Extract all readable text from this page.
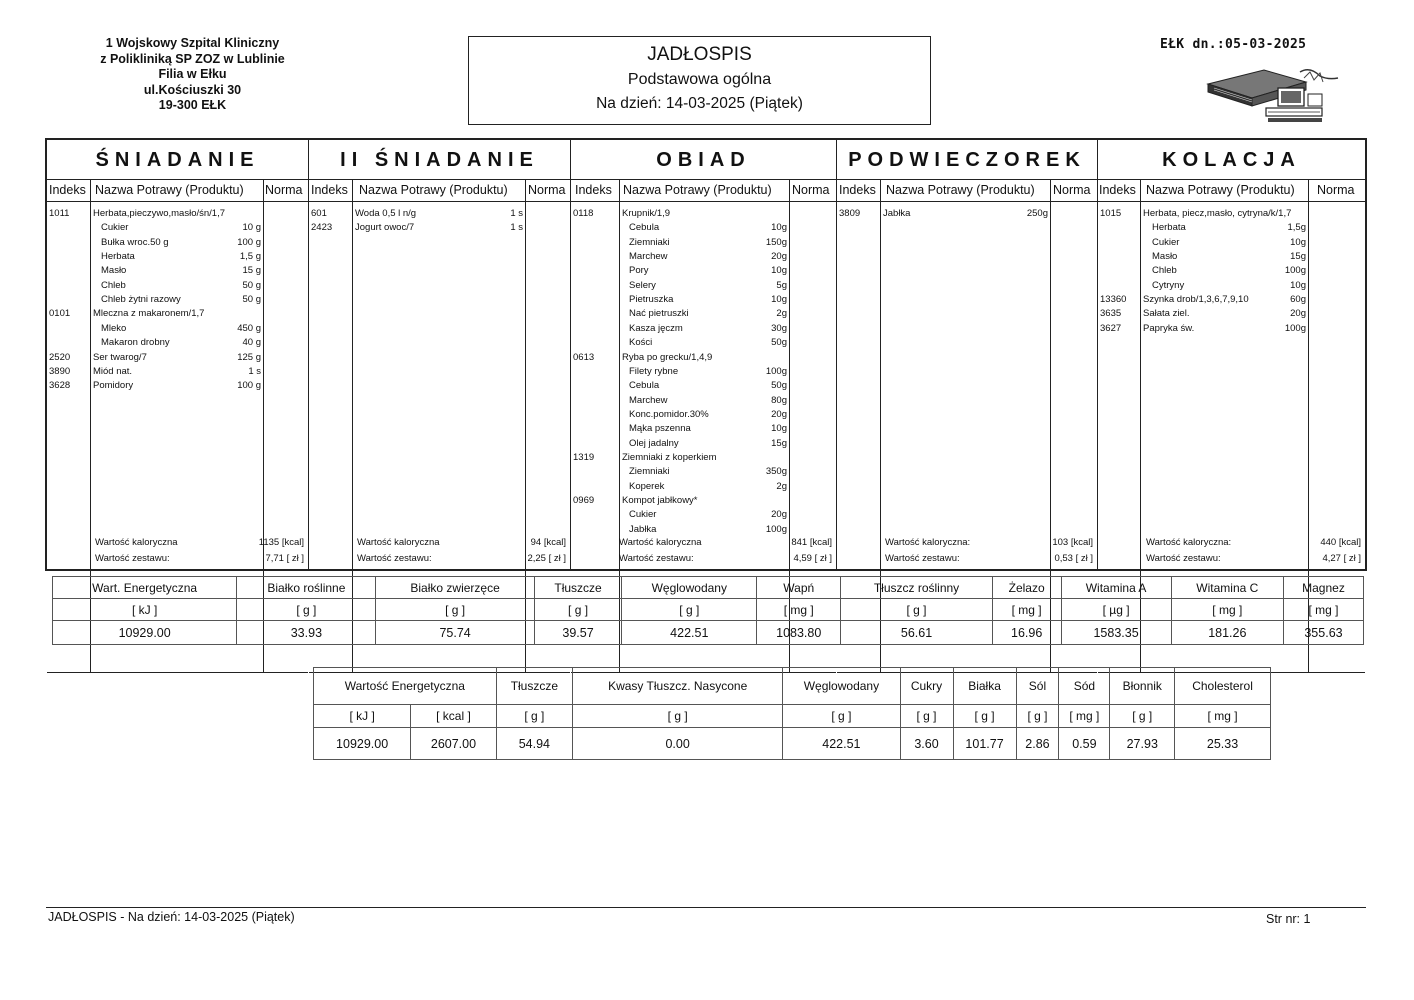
1 Wojskowy Szpital Kliniczny
z Polikliniką SP ZOZ w Lublinie
Filia w Ełku
ul.Kościuszki 30
19-300 EŁK
JADŁOSPIS
Podstawowa ogólna
Na dzień: 14-03-2025 (Piątek)
EŁK dn.:05-03-2025
ŚNIADANIE
Indeks Nazwa Potrawy (Produktu) Norma
1011 Herbata,pieczywo,masło/śn/1,7
Cukier	10 g
Bułka wroc.50 g	100 g
Herbata	1,5 g
Masło	15 g
Chleb	50 g
Chleb żytni razowy	50 g
0101 Mleczna z makaronem/1,7
Mleko	450 g
Makaron drobny	40 g
2520 Ser twarog/7	125 g
3890 Miód nat.	1 s
3628 Pomidory	100 g
Wartość kaloryczna	1135 [kcal]
Wartość zestawu:	7,71 [ zł ]
II ŚNIADANIE
Indeks Nazwa Potrawy (Produktu) Norma
601	Woda 0,5 l n/g	1 s
2423 Jogurt owoc/7	1 s
Wartość kaloryczna	94 [kcal]
Wartość zestawu:	2,25 [ zł ]
OBIAD
Indeks Nazwa Potrawy (Produktu) Norma
0118	Krupnik/1,9
Cebula	10g
Ziemniaki	150g
Marchew	20g
Pory	10g
Selery	5g
Pietruszka	10g
Nać pietruszki	2g
Kasza jęczm	30g
Kości	50g
0613	Ryba po grecku/1,4,9
Filety rybne	100g
Cebula	50g
Marchew	80g
Konc.pomidor.30%	20g
Mąka pszenna	10g
Olej jadalny	15g
1319	Ziemniaki z koperkiem
Ziemniaki	350g
Koperek	2g
0969	Kompot jabłkowy*
Cukier	20g
Jabłka	100g
Wartość kaloryczna	841 [kcal]
Wartość zestawu:	4,59 [ zł ]
PODWIECZOREK
Indeks Nazwa Potrawy (Produktu) Norma
3809 Jabłka	250g
Wartość kaloryczna:	103 [kcal]
Wartość zestawu:	0,53 [ zł ]
KOLACJA
Indeks Nazwa Potrawy (Produktu) Norma
1015 Herbata, piecz,masło, cytryna/k/1,7
Herbata	1,5g
Cukier	10g
Masło	15g
Chleb	100g
Cytryny	10g
13360 Szynka drob/1,3,6,7,9,10	60g
3635 Sałata ziel.	20g
3627 Papryka św.	100g
Wartość kaloryczna:	440 [kcal]
Wartość zestawu:	4,27 [ zł ]
Wart. Energetyczna	Białko roślinne	Białko zwierzęce	Tłuszcze	Węglowodany	Wapń	Tłuszcz roślinny	Żelazo	Witamina A	Witamina C	Magnez
[ kJ ]	[ g ]	[ g ]	[ g ]	[ g ]	[ mg ]	[ g ]	[ mg ]	[ µg ]	[ mg ]	[ mg ]
10929.00	33.93	75.74	39.57	422.51	1083.80	56.61	16.96	1583.35	181.26	355.63
Wartość Energetyczna		Tłuszcze	Kwasy Tłuszcz. Nasycone	Węglowodany	Cukry	Białka	Sól	Sód	Błonnik	Cholesterol
[ kJ ]	[ kcal ]	[ g ]	[ g ]	[ g ]	[ g ]	[ g ]	[ g ]	[ mg ]	[ g ]	[ mg ]
10929.00	2607.00	54.94	0.00	422.51	3.60	101.77	2.86	0.59	27.93	25.33
JADŁOSPIS - Na dzień: 14-03-2025 (Piątek)	Str nr: 1
